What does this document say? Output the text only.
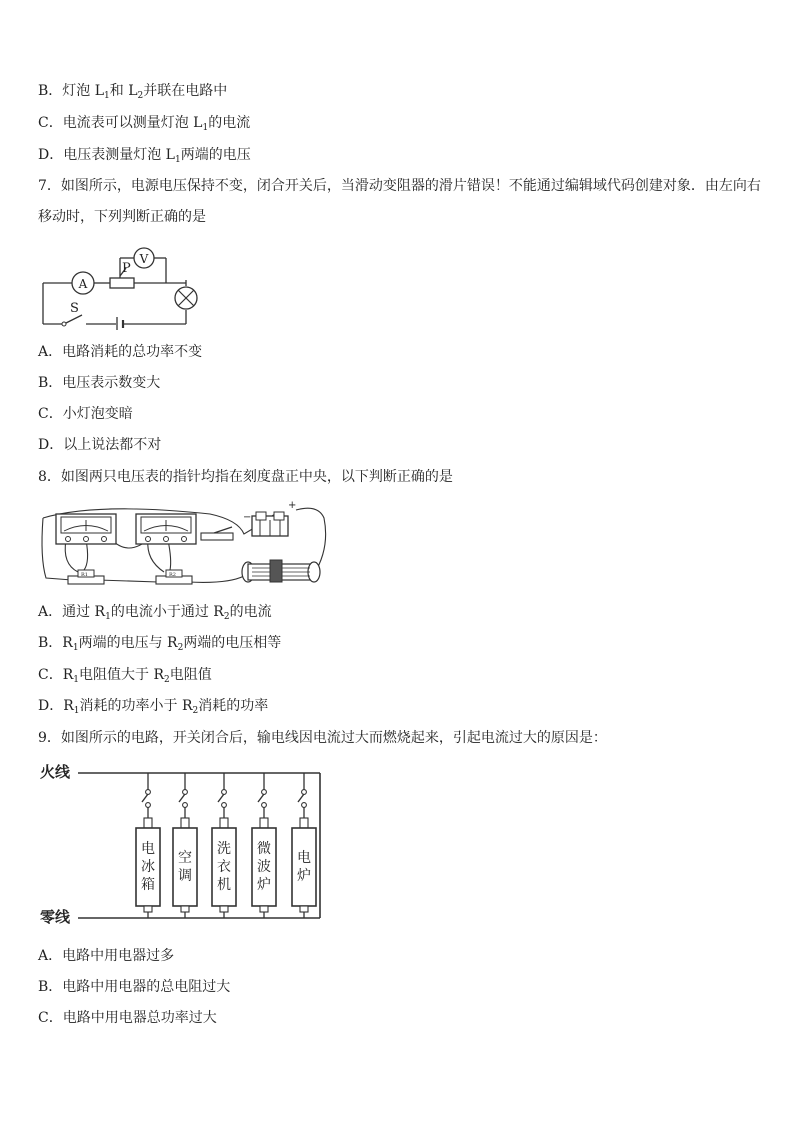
B．灯泡 $L_1$和 $L_2$并联在电路中
C．电流表可以测量灯泡 $L_1$的电流
D．电压表测量灯泡 $L_1$两端的电压
7．如图所示，电源电压保持不变，闭合开关后，当滑动变阻器的滑片错误！不能通过编辑域代码创建对象．由左向右
移动时，下列判断正确的是
S
A
P
V
A．电路消耗的总功率不变
B．电压表示数变大
C．小灯泡变暗
D．以上说法都不对
8．如图两只电压表的指针均指在刻度盘正中央，以下判断正确的是
R1	R2
+
−
A．通过 $R_1$的电流小于通过 $R_2$的电流
B．$R_1$两端的电压与 $R_2$两端的电压相等
C．$R_1$电阻值大于 $R_2$电阻值
D．$R_1$消耗的功率小于 $R_2$消耗的功率
9．如图所示的电路，开关闭合后，输电线因电流过大而燃烧起来，引起电流过大的原因是：
火线
零线
电
冰
箱
空
调
洗
衣
机
微
波
炉
电
炉
A．电路中用电器过多
B．电路中用电器的总电阻过大
C．电路中用电器总功率过大
